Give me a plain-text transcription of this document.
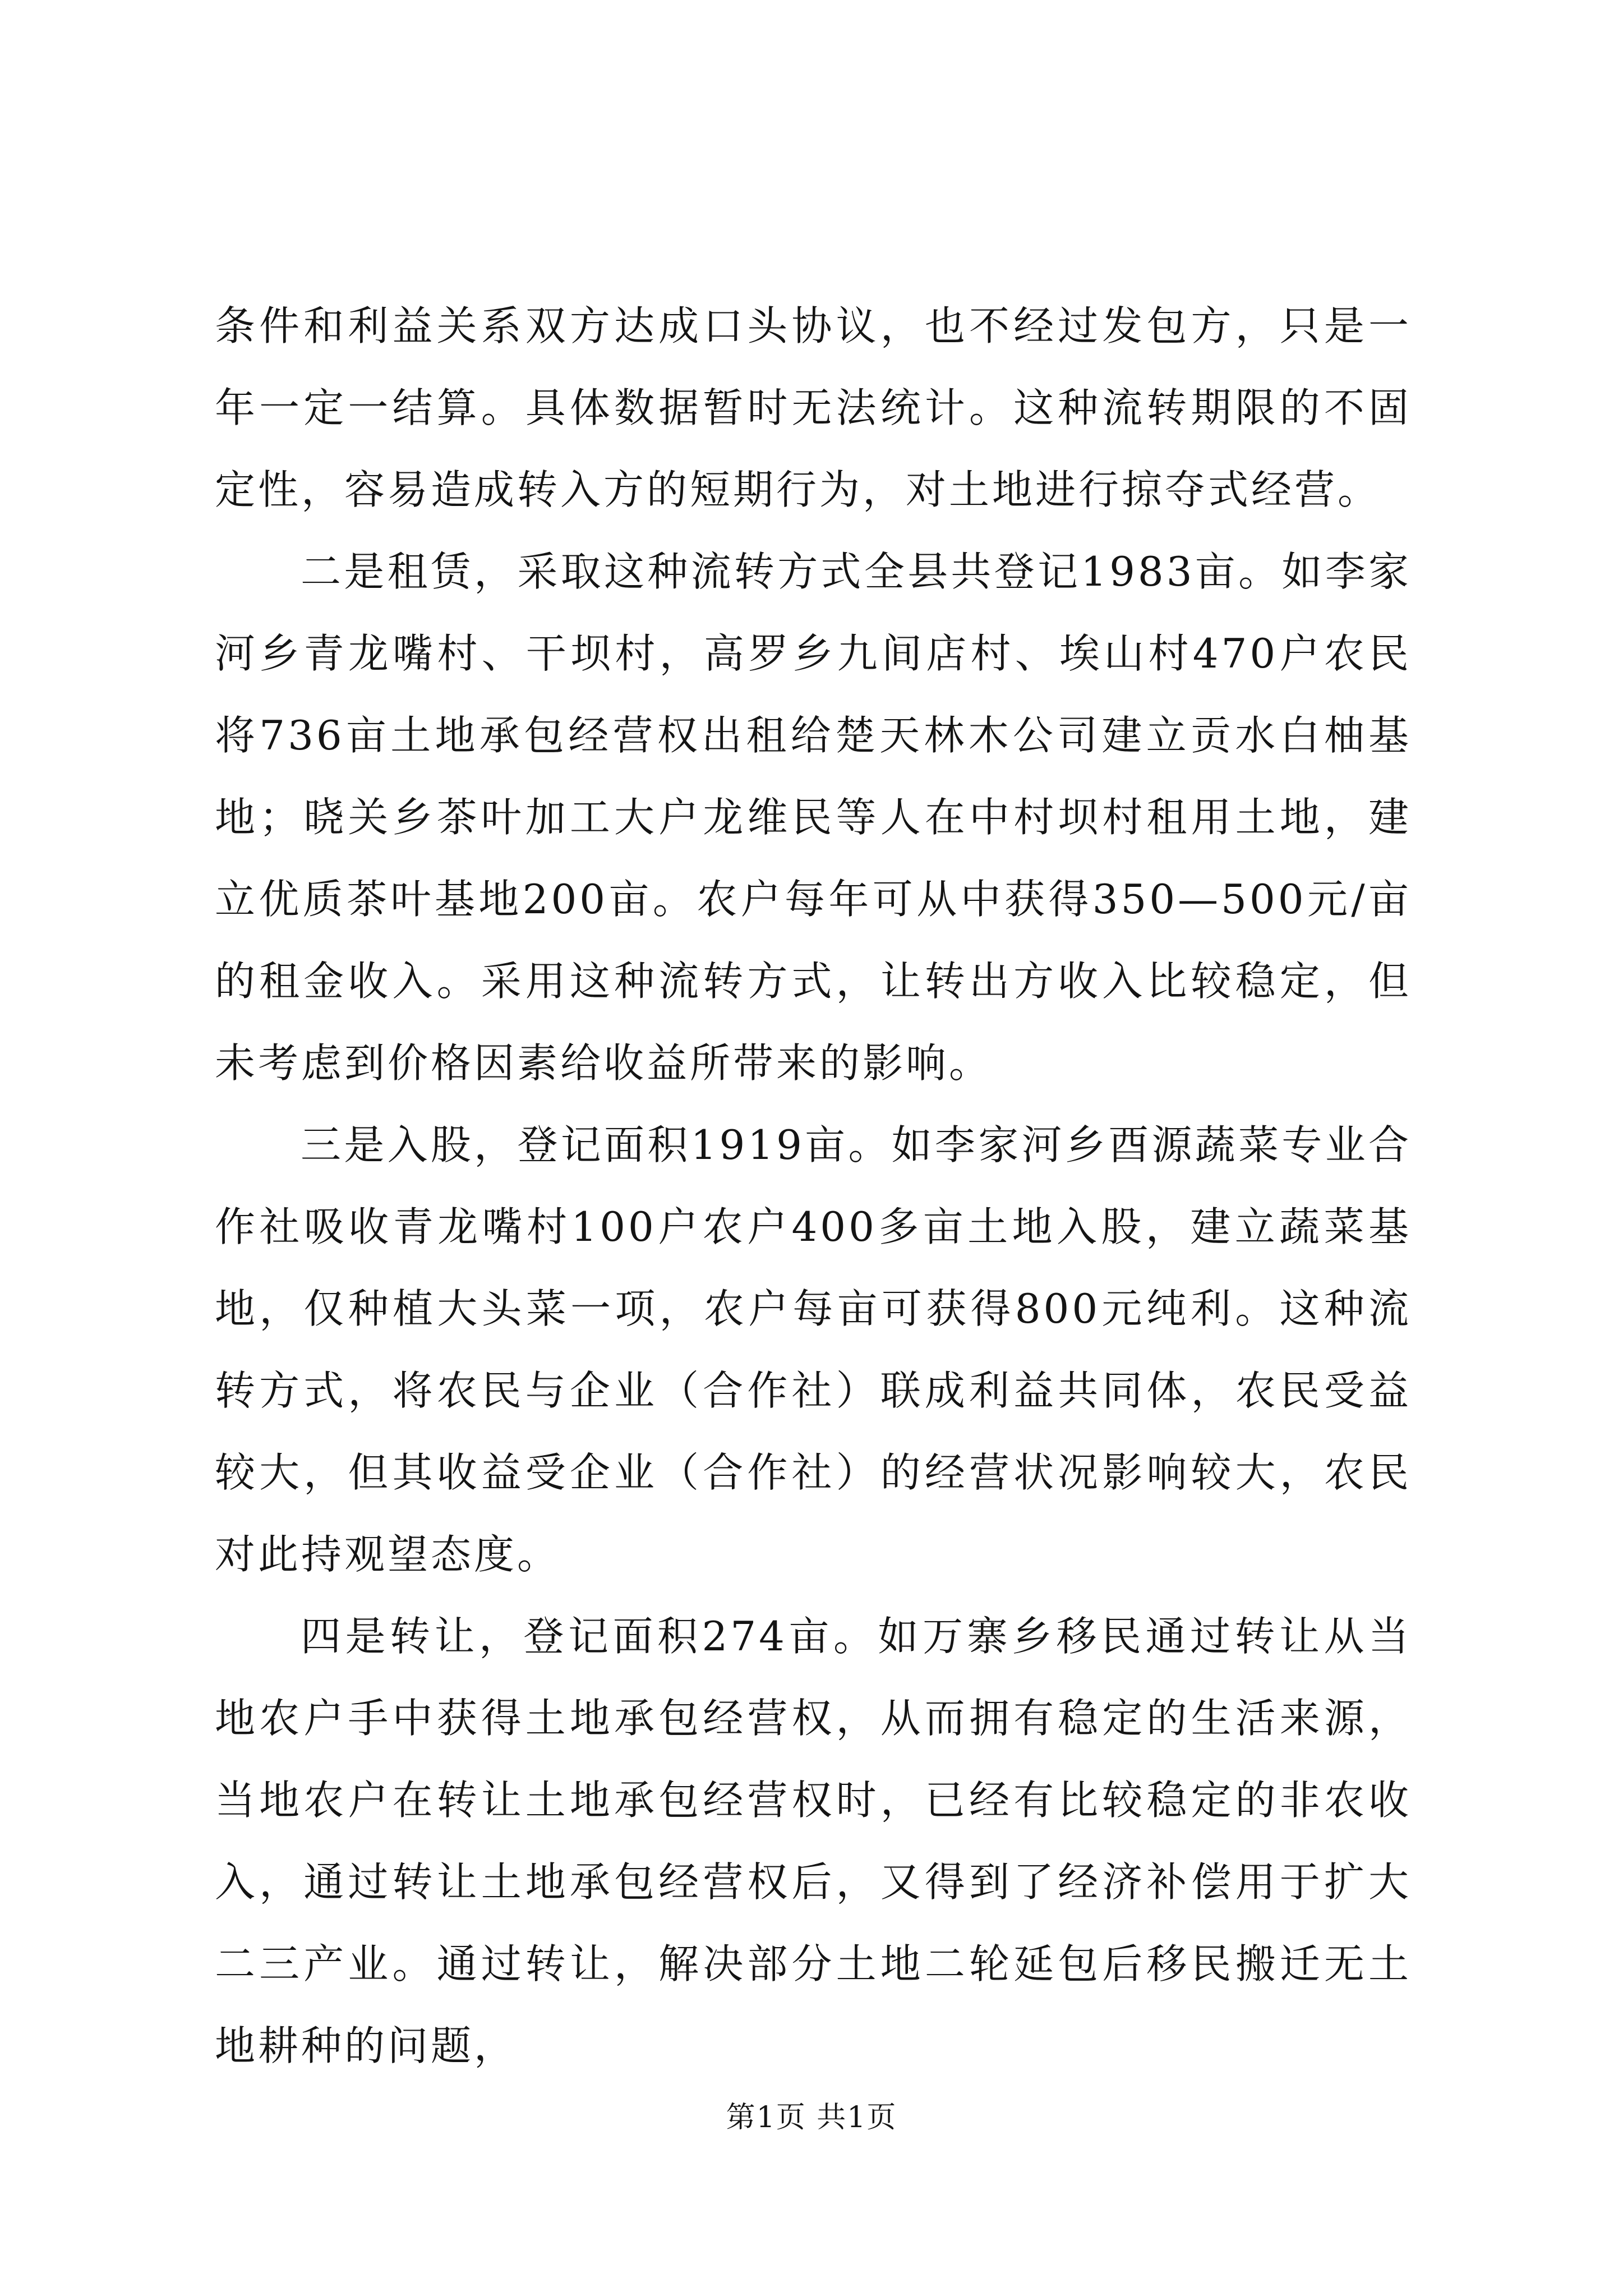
条件和利益关系双方达成口头协议，也不经过发包方，只是一年一定一结算。具体数据暂时无法统计。这种流转期限的不固定性，容易造成转入方的短期行为，对土地进行掠夺式经营。

二是租赁，采取这种流转方式全县共登记1983亩。如李家河乡青龙嘴村、干坝村，高罗乡九间店村、埃山村470户农民将736亩土地承包经营权出租给楚天林木公司建立贡水白柚基地；晓关乡茶叶加工大户龙维民等人在中村坝村租用土地，建立优质茶叶基地200亩。农户每年可从中获得350—500元/亩的租金收入。采用这种流转方式，让转出方收入比较稳定，但未考虑到价格因素给收益所带来的影响。

三是入股，登记面积1919亩。如李家河乡酉源蔬菜专业合作社吸收青龙嘴村100户农户400多亩土地入股，建立蔬菜基地，仅种植大头菜一项，农户每亩可获得800元纯利。这种流转方式，将农民与企业（合作社）联成利益共同体，农民受益较大，但其收益受企业（合作社）的经营状况影响较大，农民对此持观望态度。

四是转让，登记面积274亩。如万寨乡移民通过转让从当地农户手中获得土地承包经营权，从而拥有稳定的生活来源，当地农户在转让土地承包经营权时，已经有比较稳定的非农收入，通过转让土地承包经营权后，又得到了经济补偿用于扩大二三产业。通过转让，解决部分土地二轮延包后移民搬迁无土地耕种的问题，

第1页 共1页
